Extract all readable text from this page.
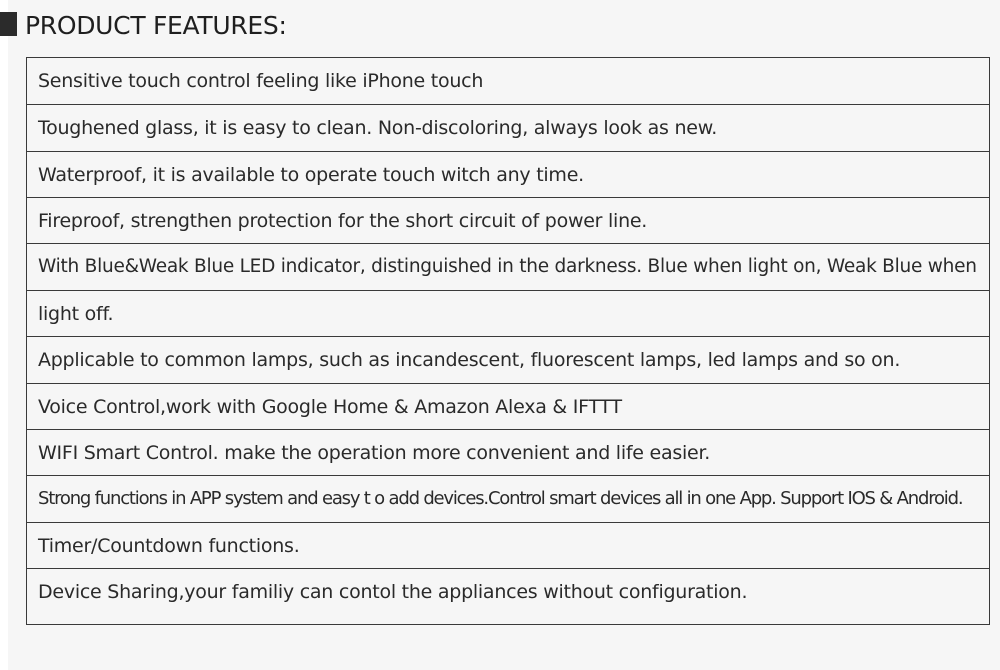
PRODUCT FEATURES:
Sensitive touch control feeling like iPhone touch
Toughened glass, it is easy to clean. Non-discoloring, always look as new.
Waterproof, it is available to operate touch witch any time.
Fireproof, strengthen protection for the short circuit of power line.
With Blue&Weak Blue LED indicator, distinguished in the darkness. Blue when light on, Weak Blue when
light off.
Applicable to common lamps, such as incandescent, fluorescent lamps, led lamps and so on.
Voice Control,work with Google Home & Amazon Alexa & IFTTT
WIFI Smart Control. make the operation more convenient and life easier.
Strong functions in APP system and easy t o add devices.Control smart devices all in one App. Support IOS & Android.
Timer/Countdown functions.
Device Sharing,your familiy can contol the appliances without configuration.
